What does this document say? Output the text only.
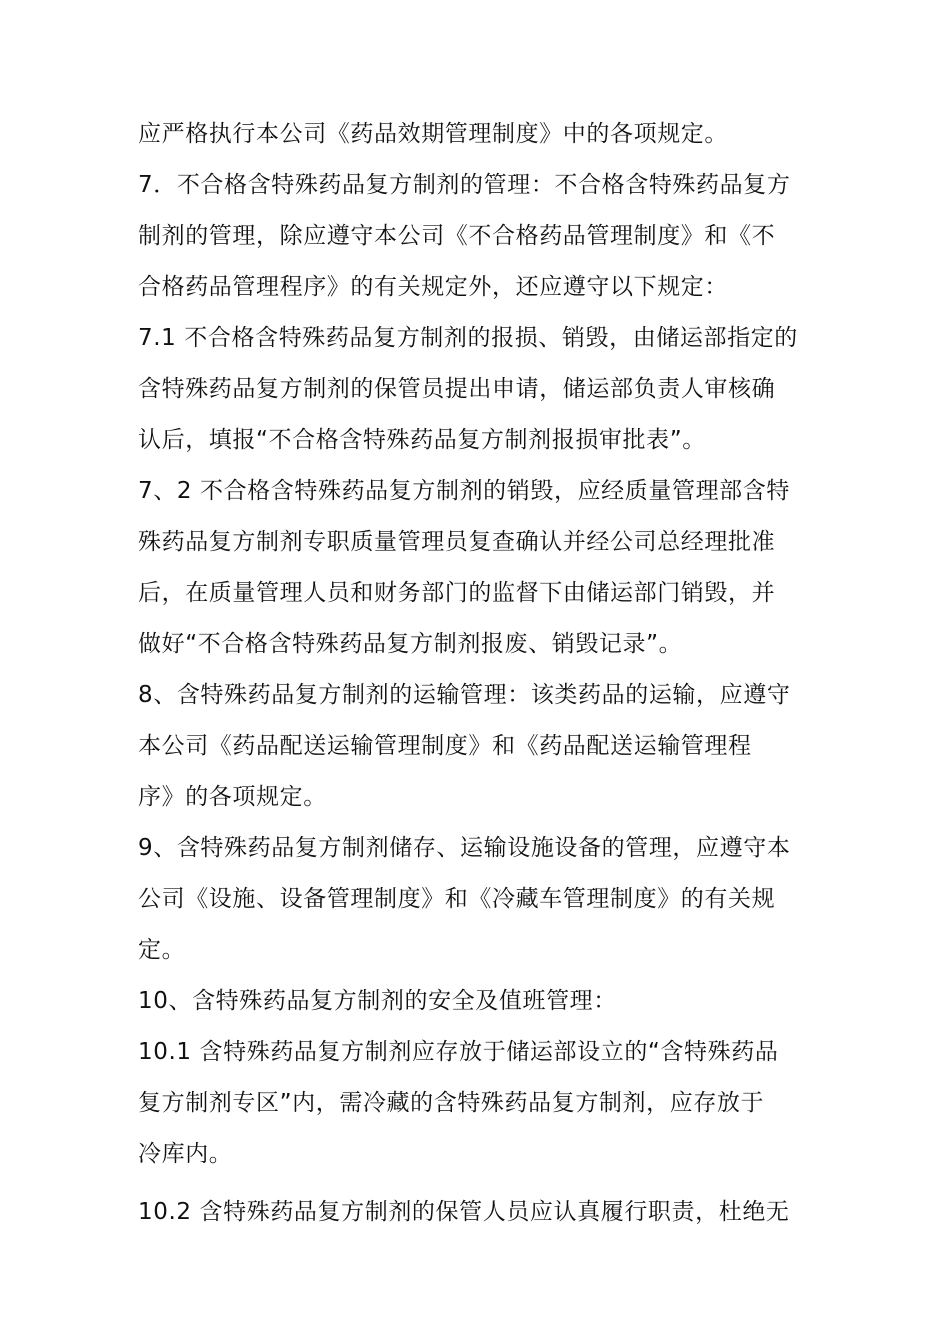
应严格执行本公司《药品效期管理制度》中的各项规定。
7．不合格含特殊药品复方制剂的管理：不合格含特殊药品复方
制剂的管理，除应遵守本公司《不合格药品管理制度》和《不
合格药品管理程序》的有关规定外，还应遵守以下规定：
7.1 不合格含特殊药品复方制剂的报损、销毁，由储运部指定的
含特殊药品复方制剂的保管员提出申请，储运部负责人审核确
认后，填报“不合格含特殊药品复方制剂报损审批表”。
7、2 不合格含特殊药品复方制剂的销毁，应经质量管理部含特
殊药品复方制剂专职质量管理员复查确认并经公司总经理批准
后，在质量管理人员和财务部门的监督下由储运部门销毁，并
做好“不合格含特殊药品复方制剂报废、销毁记录”。
8、含特殊药品复方制剂的运输管理：该类药品的运输，应遵守
本公司《药品配送运输管理制度》和《药品配送运输管理程
序》的各项规定。
9、含特殊药品复方制剂储存、运输设施设备的管理，应遵守本
公司《设施、设备管理制度》和《冷藏车管理制度》的有关规
定。
10、含特殊药品复方制剂的安全及值班管理：
10.1 含特殊药品复方制剂应存放于储运部设立的“含特殊药品
复方制剂专区”内，需冷藏的含特殊药品复方制剂，应存放于
冷库内。
10.2 含特殊药品复方制剂的保管人员应认真履行职责，杜绝无
